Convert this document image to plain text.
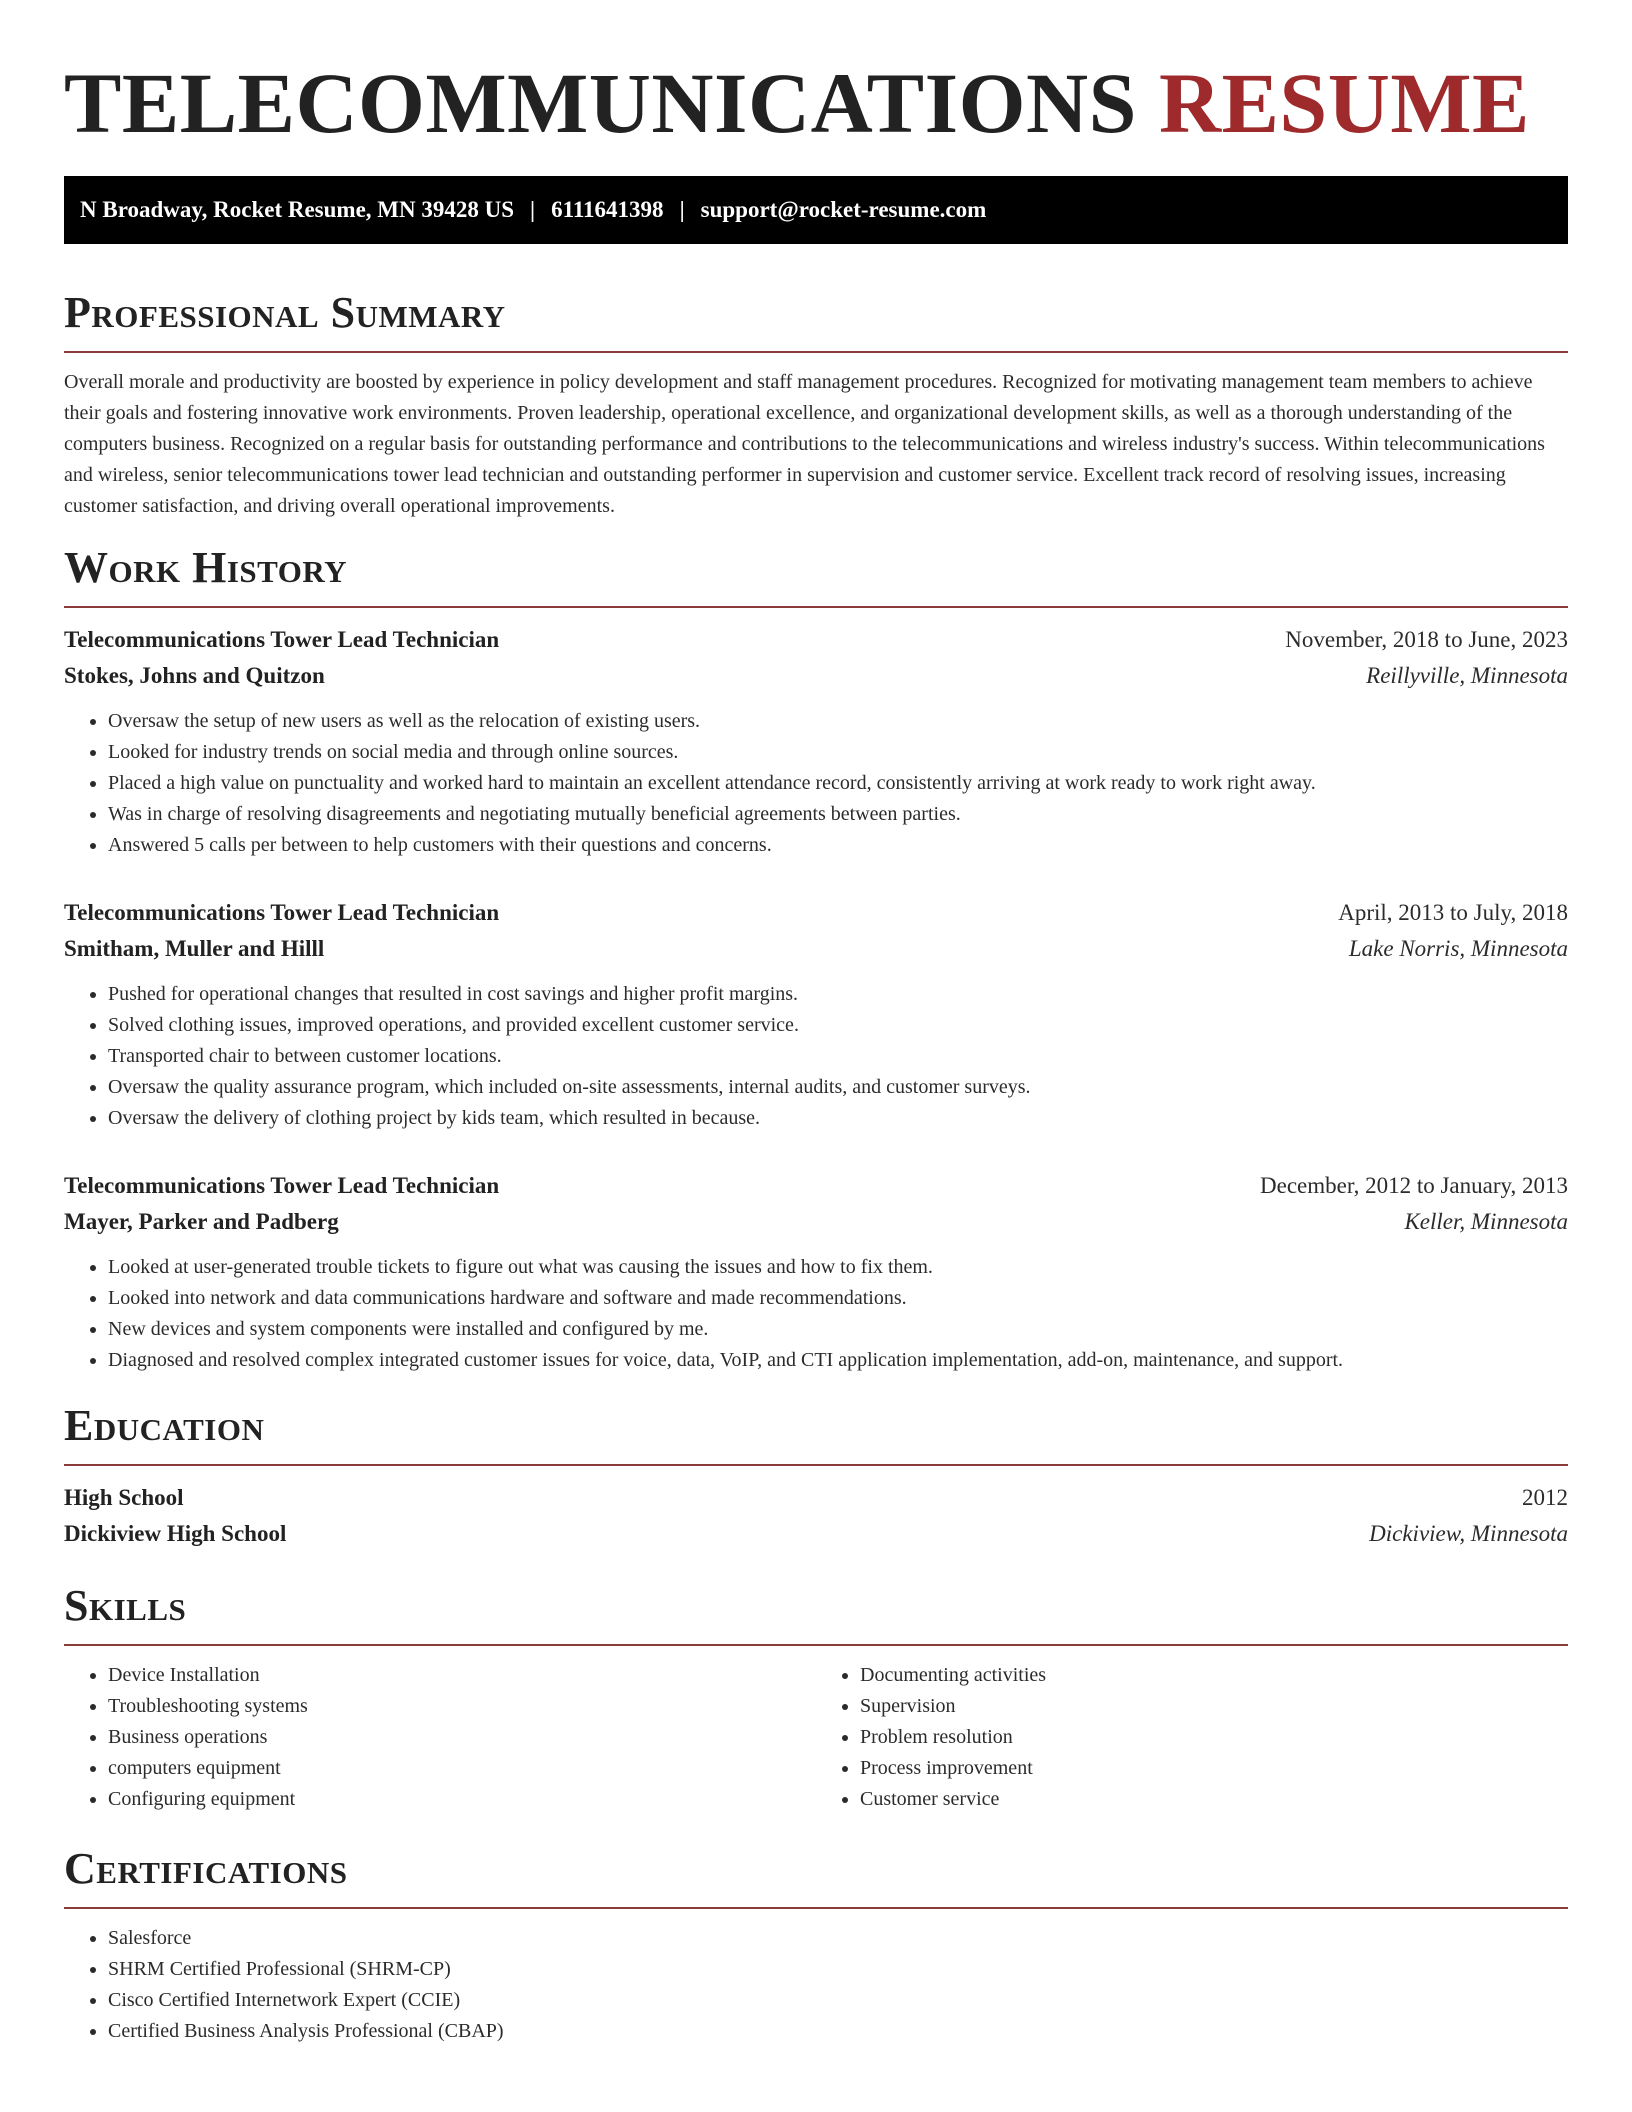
TELECOMMUNICATIONS RESUME
N Broadway, Rocket Resume, MN 39428 US | 6111641398 | support@rocket-resume.com
Professional Summary

Overall morale and productivity are boosted by experience in policy development and staff management procedures. Recognized for motivating management team members to achieve their goals and fostering innovative work environments. Proven leadership, operational excellence, and organizational development skills, as well as a thorough understanding of the computers business. Recognized on a regular basis for outstanding performance and contributions to the telecommunications and wireless industry's success. Within telecommunications and wireless, senior telecommunications tower lead technician and outstanding performer in supervision and customer service. Excellent track record of resolving issues, increasing customer satisfaction, and driving overall operational improvements.

Work History
Telecommunications Tower Lead Technician	November, 2018 to June, 2023
Stokes, Johns and Quitzon	Reillyville, Minnesota
• Oversaw the setup of new users as well as the relocation of existing users.
• Looked for industry trends on social media and through online sources.
• Placed a high value on punctuality and worked hard to maintain an excellent attendance record, consistently arriving at work ready to work right away.
• Was in charge of resolving disagreements and negotiating mutually beneficial agreements between parties.
• Answered 5 calls per between to help customers with their questions and concerns.
Telecommunications Tower Lead Technician	April, 2013 to July, 2018
Smitham, Muller and Hilll	Lake Norris, Minnesota
• Pushed for operational changes that resulted in cost savings and higher profit margins.
• Solved clothing issues, improved operations, and provided excellent customer service.
• Transported chair to between customer locations.
• Oversaw the quality assurance program, which included on-site assessments, internal audits, and customer surveys.
• Oversaw the delivery of clothing project by kids team, which resulted in because.
Telecommunications Tower Lead Technician	December, 2012 to January, 2013
Mayer, Parker and Padberg	Keller, Minnesota
• Looked at user-generated trouble tickets to figure out what was causing the issues and how to fix them.
• Looked into network and data communications hardware and software and made recommendations.
• New devices and system components were installed and configured by me.
• Diagnosed and resolved complex integrated customer issues for voice, data, VoIP, and CTI application implementation, add-on, maintenance, and support.
Education
High School	2012
Dickiview High School	Dickiview, Minnesota
Skills
• Device Installation
• Troubleshooting systems
• Business operations
• computers equipment
• Configuring equipment
• Documenting activities
• Supervision
• Problem resolution
• Process improvement
• Customer service
Certifications
• Salesforce
• SHRM Certified Professional (SHRM-CP)
• Cisco Certified Internetwork Expert (CCIE)
• Certified Business Analysis Professional (CBAP)
